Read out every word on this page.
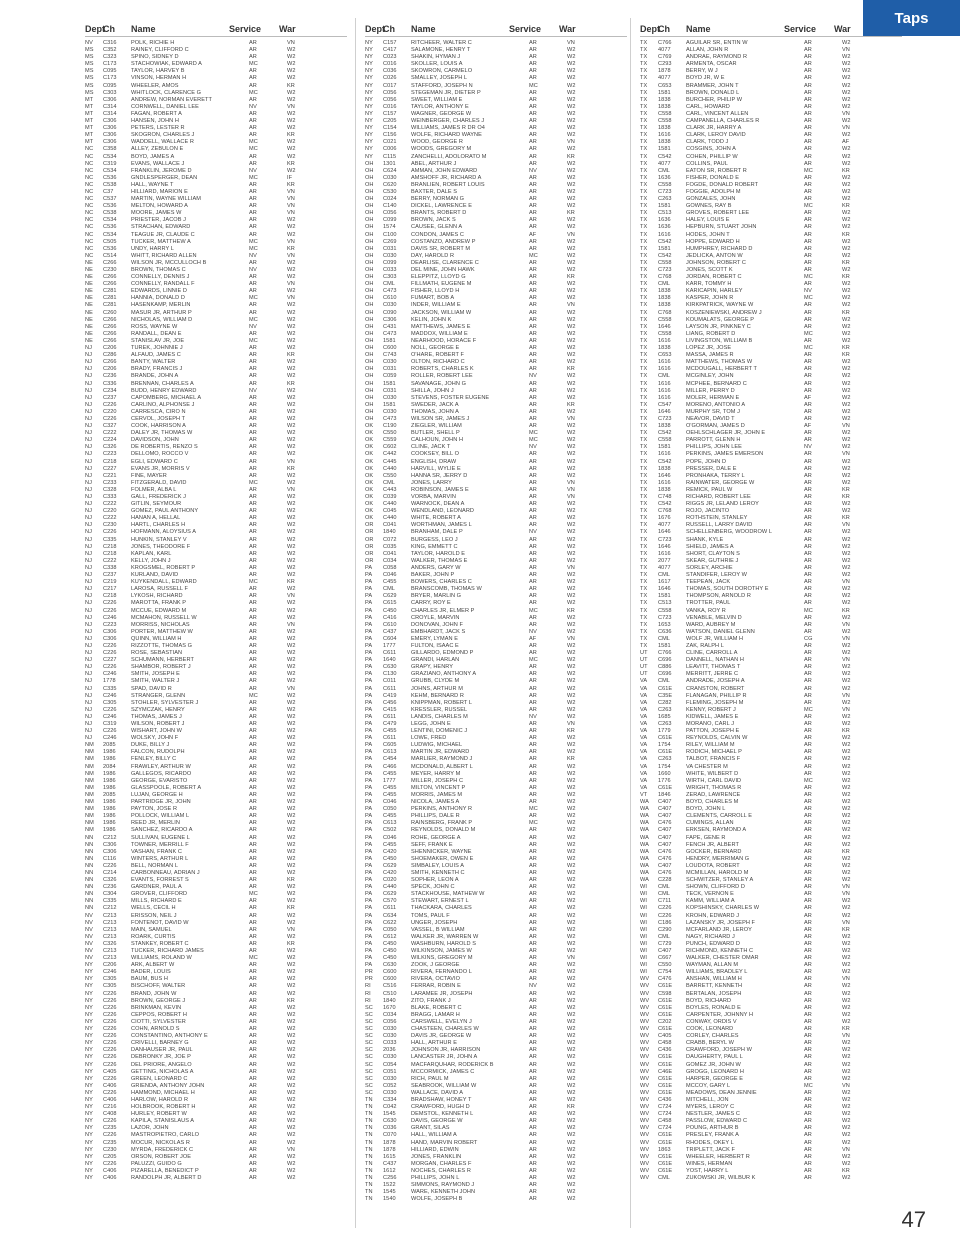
Taps
Dept
Ch	Name	Service	War
NV	C316	POLK, RICHIE H	AR	VN
MS	C352	RAINEY, CLIFFORD C	AR	W2
MS	C323	SPINO, SIDNEY D	AR	W2
MS	C173	STACHOWIAK, EDWARD A	MC	W2
MS	C095	TAYLOR, HARVEY B	AR	W2
MS	C173	VINSON, HERMAN H	AR	W2
MS	C095	WHEELER, AMOS	AR	KR
MS	C303	WHITLOCK, CLARENCE G	MC	W2
MT	C306	ANDREW, NORMAN EVERETT	AR	W2
MT	C314	CORNWELL, DANIEL LEE	NV	VN
MT	C314	FAGAN, ROBERT A	AR	W2
MT	C306	HANSEN, JOHN H	AR	W2
MT	C306	PETERS, LESTER R	AR	W2
MT	C306	SKOGRON, CHARLES J	AR	KR
MT	C306	WADDELL, WALLACE R	MC	W2
NC	C358	ALLEY, ZEBULON E	MC	W2
NC	C534	BOYD, JAMES A	AR	W2
NC	C319	EVANS, WALLACE J	AR	KR
NC	C534	FRANKLIN, JEROME D	NV	W2
NC	C536	GNDLESPERGER, DEAN	MC	IF
NC	C538	HALL, WAYNE T	AR	KR
NC	C37	HILLIARD, MARION E	AR	VN
NC	C537	MARTIN, WAYNE WILLIAM	AR	VN
NC	C536	MELTON, HOWARD A	AR	VN
NC	C538	MOORE, JAMES W	AR	VN
NC	C534	PRIESTER, JACOB J	AR	W2
NC	C536	STRACHAN, EDWARD	AR	W2
NC	C534	TEAGUE JR, CLAUDE C	AR	W2
NC	C505	TUCKER, MATTHEW A	MC	VN
NC	C536	UNDY, HARRY L	MC	KR
NC	C514	WHITT, RICHARD ALLEN	NV	VN
NE	C266	WILSON JR, MCCULLOCH B	AR	W2
NE	C230	BROWN, THOMAS C	NV	W2
NE	C266	CONNELLY, DENNIS J	AR	W2
NE	C266	CONNELLY, RANDALL F	AR	VN
NE	C281	EDWARDS, LINNIE D	AR	W2
NE	C281	HANNIA, DONALD D	MC	VN
NE	C281	HASENKAMP, MERLIN	AR	W2
NE	C260	MASUR JR, ARTHUR P	AR	W2
NE	C266	NICHOLAS, WILLIAM D	MC	W2
NE	C266	ROSS, WAYNE W	NV	W2
NE	C266	RANDALL, DEAN E	AR	W2
NE	C266	STANISLAV JR, JOE	MC	W2
NJ	C206	TUREK, JOHNNIE J	AR	W2
NJ	C286	ALFAUD, JAMES C	AR	KR
NJ	C266	BANTY, WALTER	AR	W2
NJ	C206	BRADY, FRANCIS J	AR	W2
NJ	C236	BRANDE, JOHN A	AR	W2
NJ	C336	BRENNAN, CHARLES A	AR	KR
NJ	C234	BUDD, HENRY EDWARD	NV	W2
NJ	C237	CAPOMBERG, MICHAEL A	AR	W2
NJ	C226	CARLINO, ALPHONSE J	AR	W2
NJ	C220	CARRESCA, CIRO N	AR	W2
NJ	C226	CERVOL, JOSEPH T	AR	W2
NJ	C327	COOK, HARRISON A	AR	W2
NJ	C222	DALEY JR, THOMAS W	AR	W2
NJ	C224	DAVIDSON, JOHN	AR	W2
NJ	C326	DE ROBERTIS, RENZO S	AR	W2
NJ	C223	DELLOMO, ROCCO V	AR	W2
NJ	C218	EGLI, EDWARD C	AR	VN
NJ	C227	EVANS JR, MORRIS V	AR	KR
NJ	C221	FINE, MAYER	AR	W2
NJ	C233	FITZGERALD, DAVID	MC	W2
NJ	C328	FOLMER, ALBA L	AR	VN
NJ	C333	GALL, FREDERICK J	AR	W2
NJ	C222	GITLIN, SEYMOUR	AR	W2
NJ	C220	GOMEZ, PAUL ANTHONY	AR	W2
NJ	C222	HANAN A, HELLAL	AR	W2
NJ	C230	HARTL, CHARLES H	AR	W2
NJ	C226	HOFMANN, ALOYSIUS A	AR	W2
NJ	C335	HUNKIN, STANLEY V	AR	W2
NJ	C218	JONES, THEODORE F	AR	W2
NJ	C218	KAPLAN, KARL	AR	W2
NJ	C222	KELLY, JOHN J	AR	W2
NJ	C338	KROGSMEL, ROBERT P	AR	W2
NJ	C237	KURLAND, DAVID	AR	W2
NJ	C219	KUYKENDALL, EDWARD	MC	KR
NJ	C217	LAROSA, RUSSELL F	AR	W2
NJ	C218	LYKOSH, RICHARD	AR	VN
NJ	C226	MAROTTA, FRANK P	AR	W2
NJ	C226	MCCUE, EDWARD M	AR	W2
NJ	C246	MCMAHON, RUSSELL W	AR	W2
NJ	C223	MORRISS, NICHOLAS	AR	VN
NJ	C306	PORTER, MATTHEW W	AR	W2
NJ	C306	QUINN, WILLIAM H	AR	W2
NJ	C226	RIZZOTTE, THOMAS G	AR	W2
NJ	C226	ROSE, SEBASTIAN	AR	W2
NJ	C227	SCHUMANN, HERBERT	AR	W2
NJ	C226	SHAMBOR, ROBERT J	AR	W2
NJ	C246	SMITH, JOSEPH E	AR	W2
NJ	1778	SMITH, WALTER J	AR	W2
NJ	C335	SPAD, DAVID R	AR	VN
NJ	C246	STRANGER, GLENN	MC	W2
NJ	C305	STOHLER, SYLVESTER J	AR	W2
NJ	C226	SZYMCZAK, HENRY	AR	W2
NJ	C246	THOMAS, JAMES J	AR	W2
NJ	C319	WILSON, ROBERT J	AR	W2
NJ	C226	WISHART, JOHN W	AR	W2
NJ	C246	WOLSKY, JOHN F	AR	W2
NM	2085	DUKE, BILLY J	AR	W2
NM	1986	FALCON, RUDOLPH	AR	W2
NM	1986	FENLEY, BILLY C	AR	W2
NM	2084	FRAWLEY, ARTHUR W	AR	W2
NM	1986	GALLEGOS, RICARDO	AR	W2
NM	1986	GEORGE, EVARISTO	AR	W2
NM	1986	GLASSPOOLE, ROBERT A	AR	W2
NM	2085	LUJAN, GEORGE H	AR	W2
NM	1986	PARTRIDGE JR, JOHN	AR	W2
NM	1986	PAYTON, JOSE R	AR	W2
NM	1986	POLLOCK, WILLIAM L	AR	W2
NM	1986	REED JR, MERLIN	AR	W2
NM	1986	SANCHEZ, RICARDO A	AR	W2
NN	C212	SULLIVAN, EUGENE L	AR	W2
NN	C306	TOWNER, MERRILL F	AR	W2
NN	C306	VASHAN, FRANK C	AR	W2
NN	C116	WINTERS, ARTHUR L	AR	W2
NN	C226	BELL, NORMAN L	AR	W2
NN	C214	CARBONNEAU, ADRIAN J	AR	W2
NN	C326	EVANTS, FORREST S	AR	KR
NN	C236	GARDNER, PAUL A	AR	W2
NN	C304	GROVER, CLIFFORD	MC	W2
NN	C335	MILLS, RICHARD E	AR	W2
NN	C212	WELLS, CECIL H	AR	KR
NV	C213	ERISSON, NEIL J	AR	W2
NV	C213	FONTENOT, DAVID W	AR	W2
NV	C213	MAIN, SAMUEL	AR	VN
NV	C213	ROARK, CURTIS	AR	W2
NV	C326	STANKEY, ROBERT C	AR	KR
NV	C213	TUCKER, RICHARD JAMES	AR	W2
NV	C213	WILLIAMS, ROLAND W	MC	W2
NY	C206	ARK, ALBERT W	AR	W2
NY	C246	BADER, LOUIS	AR	W2
NY	C305	BAUM, BUS H	AR	W2
NY	C305	BISCHOFF, WALTER	AR	W2
NY	C226	BRAND, JOHN W	AR	W2
NY	C226	BROWN, GEORGE J	AR	KR
NY	C226	BRINKMAN, KEVIN	AR	W2
NY	C226	CEPPOS, ROBERT H	AR	W2
NY	C226	CIOTTI, SYLVESTER	AR	W2
NY	C226	COHN, ARNOLD S	AR	W2
NY	C226	CONSTANTINO, ANTHONY E	AR	W2
NY	C226	CRIVELLI, BARNEY G	AR	W2
NY	C226	DANHAUSER JR, PAUL	AR	W2
NY	C226	DEBRONKY JR, JOE P	AR	W2
NY	C226	DEL PRIORE, ANGELO	AR	W2
NY	C405	GETTING, NICHOLAS A	AR	W2
NY	C226	GREEN, LEONARD C	AR	W2
NY	C406	GRIENDA, ANTHONY JOHN	AR	W2
NY	C226	HAMMOND, MICHAEL H	AR	W2
NY	C406	HARLOW, HAROLD R	AR	W2
NY	C216	HOLBROOK, ROBERT H	AR	W2
NY	C408	HURLEY, ROBERT W	AR	W2
NY	C226	KAPILA, STANISLAUS A	AR	W2
NY	C235	LAZOR, JOHN	AR	W2
NY	C226	MASTROPIETRO, CARLO	AR	W2
NY	C235	MOCUR, NICKOLAS R	AR	W2
NY	C230	MYRDA, FREDERICK C	AR	VN
NY	C205	ORSON, ROBERT JOE	AR	W2
NY	C226	PALUZZI, GUIDO G	AR	W2
NY	C406	PIZARELLA, BENEDICT P	AR	W2
NY	C406	RANDOLPH JR, ALBERT D	AR	W2
Dept
Ch	Name	Service	War
NY	C157	RITCHEER, WALTER C	AR	VN
NY	C417	SALAMONE, HENRY T	AR	W2
NY	C023	SHAKIN, HYMAN J	AR	W2
NY	C016	SKOLLER, LOUIS A	AR	W2
NY	C036	SKOWRON, CARMELO	AR	W2
NY	C026	SMALLEY, JOSEPH L	AR	W2
NY	C017	STAFFORD, JOSEPH N	MC	W2
NY	C056	STEGEMAN JR, DIETER P	AR	W2
NY	C056	SWEET, WILLIAM E	AR	W2
NY	C016	TAYLOR, ANTHONY E	AR	W2
NY	C157	WAGNER, GEORGE W	AR	W2
NY	C205	WEINBERGER, CHARLES J	AR	W2
NY	C154	WILLIAMS, JAMES R DR O4	AR	W2
NY	C156	WOLFE, RICHARD WAYNE	AR	W2
NY	C021	WOOD, GEORGE R	AR	VN
NY	C006	WOODS, GREGORY M	AR	W2
NY	C115	ZANCHELLI, ADOLORATO M	AR	KR
OH	1301	ABEL, ARTHUR J	AR	W2
OH	C624	AMMAN, JOHN EDWARD	NV	W2
OH	C030	AMSHOFF JR, RICHARD A	AR	W2
OH	C620	BRANLIEN, ROBERT LOUIS	AR	W2
OH	C530	BAXTER, DALE S	AR	W2
OH	C024	BERRY, NORMAN G	AR	W2
OH	C140	DICKEL, LAWRENCE E	AR	W2
OH	C056	BRANTS, ROBERT D	AR	KR
OH	C099	BROWN, JACK S	AR	W2
OH	1574	CAUSEE, GLENN A	AR	W2
OH	C100	CONDON, JAMES C	AF	VN
OH	C269	COSTANZO, ANDREW P	AR	W2
OH	C031	DAVIS SR, ROBERT M	AR	W2
OH	C030	DAY, HAROLD R	MC	W2
OH	C099	DEARLISE, CLARENCE C	AR	W2
OH	C033	DEL MINE, JOHN HAWK	AR	W2
OH	C303	ELEPPITZ, LLOYD G	AR	KR
OH	CML	FILLMATH, EUGENE M	AR	W2
OH	C473	FISHER, LLOYD H	AR	W2
OH	C610	FUMART, BOB A	AR	W2
OH	C030	INDER, WILLIAM E	AR	VN
OH	C090	JACKSON, WILLIAM W	AR	W2
OH	C306	KELIN, JOHN K	AR	W2
OH	C431	MATTHEWS, JAMES E	AR	W2
OH	C473	MADDOX, WILLIAM E	AR	W2
OH	1581	NEARHOOD, HORACE F	AR	W2
OH	C600	NOLL, GEORGE E	AR	W2
OH	C743	O'HARE, ROBERT F	AR	W2
OH	C030	OLTON, RICHARD C	AR	W2
OH	C031	ROBERTS, CHARLES K	AR	KR
OH	C059	ROLLER, ROBERT LEE	NV	W2
OH	1581	SAVANAGE, JOHN G	AR	W2
OH	C031	SHILLA, JOHN J	AR	W2
OH	C030	STEVENS, FOSTER EUGENE	AR	W2
OH	1581	SWEDER, JACK A	AR	KR
OH	C030	THOMAS, JOHN A	AR	W2
OH	C473	WILSON SR, JAMES J	AR	VN
OK	C190	ZIEGLER, WILLIAM	AR	W2
OK	C550	BUTLER, SHELL P	MC	W2
OK	C559	CALHOUN, JOHN H	MC	W2
OK	C602	CLINE, JACK T	NV	W2
OK	C442	COOKSEY, BILL O	AR	W2
OK	C445	ENGLISH, DRAW	AR	W2
OK	C440	HARVILL, WYLIE E	AR	W2
OK	C550	HANNA SR, JERRY D	AR	W2
OK	CML	JONES, LARRY	AR	VN
OK	C443	ROBINSON, JAMES E	AR	VN
OK	C039	VORBA, MARVIN	AR	VN
OK	C440	WARNOCK, DEAN A	AR	W2
OK	C045	WENDLAND, LEONARD	AR	W2
OK	C440	WHITE, ROBERT A	AR	W2
OR	C041	WORTHMAN, JAMES L	AR	W2
OR	1840	BRANHAM, DALE P	NV	W2
OR	C072	BURGESS, LEO J	AR	W2
OR	C035	KING, EMMETT C	AR	W2
OR	C041	TAYLOR, HAROLD E	AR	W2
OR	C034	WALKER, THOMAS E	AR	W2
PA	C058	ANDERS, GARY W	AR	VN
PA	C046	BAKER, JOHN P	AR	W2
PA	C455	BOWERS, CHARLES C	AR	W2
PA	CML	BRANSCOMB, THOMAS W	AR	W2
PA	C629	BRYER, MARLIN G	AR	W2
PA	C615	CARRY, ROY E	AR	W2
PA	C450	CHARLES JR, ELMER P	MC	KR
PA	C416	CROYLE, MARVIN	AR	W2
PA	C610	DONOVAN, JOHN F	AR	W2
PA	C437	EMBHARDT, JACK S	NV	W2
PA	C604	EMERY, LYMAN E	AF	VN
PA	1777	FULTON, ISAAC E	AR	W2
PA	C611	GILLARDO, EDMOND P	AR	W2
PA	1640	GRANDI, HARLAN	MC	W2
PA	C630	GRAPY, HENRY	AR	W2
PA	C130	GRAZIANO, ANTHONY A	AR	W2
PA	C011	GRUBB, CLYDE M	AR	W2
PA	C611	JOHNS, ARTHUR M	AR	W2
PA	C419	KEHM, BERNARD R	AR	W2
PA	C456	KNIPPMAN, ROBERT L	AR	W2
PA	C415	KRESSLER, RUSSEL	AR	W2
PA	C611	LANDIS, CHARLES M	NV	W2
PA	C479	LEGG, JOHN E	AR	VN
PA	C455	LENTINI, DOMENIC J	AR	KR
PA	C611	LOWE, FRED	AR	W2
PA	C605	LUDWIG, MICHAEL	AR	W2
PA	C613	MARTIN JR, EDWARD	AR	W2
PA	C454	MARLIER, RAYMOND J	AR	KR
PA	C466	MCDONALD, ALBERT L	AR	W2
PA	C455	MEYER, HARRY M	AR	W2
PA	1777	MILLER, JOSEPH C	AR	W2
PA	C455	MILTON, VINCENT P	AR	W2
PA	C455	MORRIS, JAMES M	AR	W2
PA	C046	NICOLA, JAMES A	AR	W2
PA	C050	PERKINS, ANTHONY R	MC	W2
PA	C455	PHILLIPS, DALE R	AR	W2
PA	C613	RAINSBERG, FRANK P	MC	W2
PA	C502	REYNOLDS, DONALD M	AR	W2
PA	C046	ROHE, GEORGE A	AR	W2
PA	C455	SEFF, FRANK E	AR	W2
PA	C420	SHENNICKER, WAYNE	AR	W2
PA	C450	SHOEMAKER, OWEN E	AR	W2
PA	C629	SIMBALEY, LOUIS A	AR	W2
PA	C420	SMITH, KENNETH C	AR	W2
PA	C020	SOPHER, LEON A	AR	W2
PA	C440	SPECK, JOHN C	AR	W2
PA	C629	STACKHOUSE, MATHEW W	AR	W2
PA	C570	STEWART, ERNEST L	AR	W2
PA	C611	THACKARA, CHARLES	AR	W2
PA	C634	TOMS, PAUL F	AR	W2
PA	C622	UNGER, JOSEPH	AR	W2
PA	C050	VASSEL, B WILLIAM	AR	W2
PA	C612	WALKER JR, WARREN W	AR	W2
PA	C450	WASHBURN, HAROLD S	AR	W2
PA	C450	WILKINSON, JAMES W	AR	W2
PA	C450	WILKINS, GREGORY M	AR	VN
PA	C630	ZOOK, J GEORGE	AR	W2
PR	C600	RIVERA, FERNANDO L	AR	W2
PR	C600	RIVERA, OCTAVIO	AR	W2
RI	C516	FERRAR, ROBIN E	NV	W2
RI	C510	LARAMEE JR, JOSEPH	AR	W2
RI	1840	ZITO, FRANK J	AR	W2
SC	1670	BLAKE, ROBERT C	AR	W2
SC	C034	BRAGG, LAMAR H	AR	W2
SC	C056	CARSWELL, EVELYN J	AR	W2
SC	C030	CHASTEEN, CHARLES W	AR	W2
SC	C030	DAVIS JR, GEORGE W	AR	W2
SC	C033	HALL, ARTHUR E	AR	W2
SC	2036	JOHNSON JR, HARRISON	AR	W2
SC	C030	LANCASTER JR, JOHN A	AR	W2
SC	C054	MACFARQUHAR, RODERICK B	AR	W2
SC	C051	MCCORMICK, JAMES C	AR	W2
SC	C030	RICH, PAUL M	AR	W2
SC	C052	SEABROOK, WILLIAM W	AR	W2
SC	C030	WALLACE, DAVID A	AR	W2
TN	C334	BRADSHAW, HONEY T	AR	W2
TN	C042	CRAWFORD, HUGH D	AR	KR
TN	1545	DEMSTOL, KENNETH L	AR	W2
TN	C630	DAVIS, GEORGE W	AR	W2
TN	C036	GRANT, SILAS	AR	W2
TN	C070	HALL, WILLIAM A	AR	W2
TN	1878	HAND, MARVIN ROBERT	AR	W2
TN	1878	HILLIARD, EDWIN	AR	W2
TN	1615	JONES, FRANKLIN	AR	W2
TN	C437	MORGAN, CHARLES F	AR	W2
TN	1612	NOCHES, CHARLES R	AR	W2
TN	C256	PHILLIPS, JOHN L	AR	W2
TN	1522	SIMMONS, RAYMOND J	AR	W2
TN	1545	WARE, KENNETH JOHN	AR	W2
TN	1540	WOLFE, JOSEPH B	AR	W2
Dept
Ch	Name	Service	War
TX	C766	AGUILAR SR, ENTIN W	AR	W2
TX	4077	ALLAN, JOHN R	AR	VN
TX	C769	ANDRAE, RAYMOND R	AR	W2
TX	C293	ARMENTA, OSCAR	AR	W2
TX	1878	BERRY, W J	AR	W2
TX	4077	BOYD JR, W E	AR	W2
TX	C653	BRAMMER, JOHN T	AR	W2
TX	1581	BROWN, DONALD L	AR	W2
TX	1838	BURCHER, PHILIP W	AR	W2
TX	1838	CARL, HOWARD	AR	W2
TX	C558	CARL, VINCENT ALLEN	AR	VN
TX	C558	CAMPANELLA, CHARLES R	AR	W2
TX	1838	CLARK JR, HARRY A	AR	VN
TX	1616	CLARK, LEROY DAVID	AR	W2
TX	1838	CLARK, TODD J	AR	AF
TX	1581	COSGINS, JOHN A	AR	W2
TX	C542	COHEN, PHILLIP W	AR	W2
TX	4077	COLLINS, PAUL	AR	W2
TX	CML	EATON SR, ROBERT R	MC	KR
TX	1636	FISHER, DONALD E	AR	W2
TX	C558	FOGDE, DONALD ROBERT	AR	W2
TX	C723	FOGGIE, ADOLPH M	AR	W2
TX	C263	GONZALES, JOHN	AR	W2
TX	1581	GOWNES, RAY B	MC	KR
TX	C513	GROVES, ROBERT LEE	AR	W2
TX	1636	HALEY, LOUIS E	AR	W2
TX	1636	HEPBURN, STUART JOHN	AR	W2
TX	1616	HODES, JOHN T	AR	KR
TX	C542	HOPPE, EDWARD H	AR	W2
TX	1581	HUMPHREY, RICHARD D	AR	W2
TX	C542	JEDLICKA, ANTON W	AR	W2
TX	C558	JOHNSON, ROBERT C	AR	KR
TX	C723	JONES, SCOTT K	AR	W2
TX	C768	JORDAN, ROBERT C	MC	KR
TX	CML	KARR, TOMMY H	AR	W2
TX	1838	KARICAPIN, HARLEY	NV	W2
TX	1838	KASPER, JOHN R	MC	W2
TX	1838	KIRKPATRICK, WAYNE W	AR	W2
TX	C768	KOSZENIEWSKI, ANDREW J	AR	KR
TX	C558	KOUMALATS, GEORGE P	AR	W2
TX	1646	LAYSON JR, PINKNEY C	AR	W2
TX	C558	LIANG, ROBERT D	MC	W2
TX	1616	LIVINGSTON, WILLIAM B	AR	W2
TX	1838	LOPEZ JR, JOSE	MC	KR
TX	C653	MASSA, JAMES R	AR	KR
TX	1616	MATTHEWS, THOMAS W	AR	W2
TX	1616	MCDOUGALL, HERBERT T	AR	W2
TX	CML	MCGINLEY, JOHN	AR	W2
TX	1616	MCPHEE, BERNARD C	AR	W2
TX	1616	MILLER, PERRY D	AR	W2
TX	1616	MOLER, HERMAN E	AF	W2
TX	C547	MORENO, ANTONIO A	AR	W2
TX	1646	MURPHY SR, TOM J	AR	W2
TX	C723	NEAVOR, DAVID T	AR	W2
TX	1838	O'GORMAN, JAMES D	AF	VN
TX	C542	OEHLSCHLAGER JR, JOHN E	AR	W2
TX	C558	PARROTT, GLENN H	AR	W2
TX	1581	PHILLIPS, JOHN LEE	NV	W2
TX	1616	PERKINS, JAMES EMERSON	AR	VN
TX	C542	POPE, JOHN D	AR	W2
TX	1838	PRESSER, DALE E	AR	W2
TX	1646	PRONHAKA, TERRY L	AR	W2
TX	1616	RAINWATER, GEORGE W	AR	W2
TX	1838	REMICK, PAUL W	AR	KR
TX	C748	RICHARD, ROBERT LEE	AR	KR
TX	C542	RIGGS JR, LELAND LEROY	AR	W2
TX	C768	ROJO, JACINTO	AR	W2
TX	1676	ROTHSTEIN, STANLEY	AR	KR
TX	4077	RUSSELL, LARRY DAVID	AR	VN
TX	1646	SCHELLENBERG, WOODROW L	AR	W2
TX	C723	SHANK, KYLE	AR	W2
TX	1646	SHIELD, JAMES A	AR	W2
TX	1616	SHORT, CLAYTON S	AR	W2
TX	2077	SKEAR, GUTHRIE J	AR	W2
TX	4077	SORLEY, ARCHIE	AR	W2
TX	CML	STANDIFER, LEROY W	AR	W2
TX	1617	TEEPEAN, JACK	AR	VN
TX	1646	THOMAS, SOUTH DOROTHY E	AR	W2
TX	1581	THOMPSON, ARNOLD R	AR	W2
TX	C513	TROTTER, PAUL	AR	W2
TX	C558	VANKA, ROY R	MC	KR
TX	C723	VENABLE, MELVIN D	AR	W2
TX	1653	WARD, AUBREY M	AR	VN
TX	C636	WATSON, DANIEL GLENN	AR	W2
TX	CML	WOLF JR, WILLIAM H	CG	VN
TX	1581	ZAK, RALPH L	AR	W2
UT	C766	CLINE, CARROLL A	AR	W2
UT	C696	DANNELL, NATHAN H	AR	VN
UT	C886	LEAVITT, THOMAS T	AR	W2
UT	C696	MERRITT, JERRE C	AR	W2
VA	CML	ANDRADE, JOSEPH A	AR	W2
VA	C61E	CRANSTON, ROBERT	AR	W2
VA	C35E	FLANAGAN, PHILLIP R	AR	VN
VA	C282	FLEMING, JOSEPH M	AR	W2
VA	C263	KENNY, ROBERT J	MC	VN
VA	1685	KIDWELL, JAMES E	AR	W2
VA	C263	MORANO, CARL J	AR	W2
VA	1779	PATTON, JOSEPH E	AR	KR
VA	C61E	REYNOLDS, CALVIN W	AR	W2
VA	1754	RILEY, WILLIAM M	AR	W2
VA	C61E	RODICH, MICHAEL P	AR	W2
VA	C263	TALBOT, FRANCIS F	AR	W2
VA	1754	VA CHESTER M	AR	W2
VA	1660	WHITE, WILBERT D	AR	W2
VA	1776	WIRTH, CARL DAVID	MC	W2
VA	C61E	WRIGHT, THOMAS R	AR	W2
VT	1846	ZERAD, LAWRENCE	AR	W2
WA	C407	BOYD, CHARLES M	AR	W2
WA	C407	BOYD, JOHN L	AR	W2
WA	C407	CLEMENTS, CARROLL E	AR	W2
WA	C476	CUMINGS, ALLAN	AR	W2
WA	C407	ERKSEN, RAYMOND A	AR	W2
WA	C407	FAPE, GENE R	AR	W2
WA	C407	FENCH JR, ALBERT	AR	W2
WA	C476	GOCKER, BERNARD	AR	KR
WA	C476	HENDRY, MERRIMAN G	AR	W2
WA	C407	LOUDOTA, ROBERT	AR	W2
WA	C476	MCMILLAN, HAROLD M	AR	W2
WA	C228	SCHWITZER, STANLEY A	AR	W2
WI	CML	SHOWN, CLIFFORD D	AR	VN
WI	CML	TECK, VERNON E	AR	VN
WI	C711	KAMM, WILLIAM A	AR	W2
WI	C226	KOPSHINSKY, CHARLES W	AR	W2
WI	C226	KROHN, EDWARD J	AR	W2
WI	C186	LAZANSKY JR, JOSEPH F	AR	VN
WI	C290	MCFARLAND JR, LEROY	AR	KR
WI	CML	NAGY, RICHARD J	AR	W2
WI	C729	PUNCH, EDWARD D	AR	W2
WI	C407	RICHMOND, KENNETH C	AR	W2
WI	C667	WALKER, CHESTER OMAR	AR	W2
WI	C550	WAYMAN, ALLAN M	AR	W2
WI	C754	WILLIAMS, BRADLEY L	AR	W2
WV	C476	ANSHAN, WILLIAM H	AR	VN
WV	C61E	BARRETT, KENNETH	AR	W2
WV	C598	BERTALAN, JOSEPH	AR	W2
WV	C61E	BOYD, RICHARD	AR	W2
WV	C61E	BOYLES, RONALD E	AR	W2
WV	C61E	CARPENTER, JOHNNY H	AR	W2
WV	C202	CONWAY, ORDIS V	AR	W2
WV	C61E	COOK, LEONARD	AR	KR
WV	C405	CORLEY, CHARLES	AR	VN
WV	C458	CRABB, BERYL W	AR	W2
WV	C436	CRAWFORD, JOSEPH W	AR	W2
WV	C61E	DAUGHERTY, PAUL L	AR	W2
WV	C61E	GOMEZ JR, JOHN W	AR	W2
WV	C46E	GROGG, LEONARD H	AR	W2
WV	C61E	HARPER, GEORGE E	AR	W2
WV	C61E	MCCOY, GARY L	MC	VN
WV	C61E	MEADOWS, DEAN JENNIE	AR	W2
WV	C436	MITCHELL, JON	AR	W2
WV	C724	MYERS, LEROY C	AR	W2
WV	C724	NESTLER, JAMES C	AR	W2
WV	C458	PASSLOW, EDWARD C	AR	W2
WV	C724	POUNG, ARTHUR B	AR	W2
WV	C61E	PRESLEY, FRANK A	AR	W2
WV	C61E	RHODES, OKEY L	AR	W2
WV	1863	TRIPLETT, JACK F	AR	VN
WV	C61E	WHEELER, HERBERT R	AR	W2
WV	C61E	WINES, HERMAN	AR	W2
WV	C61E	YOST, HARRY L	AR	KR
WV	CML	ZUKOWSKI JR, WILBUR K	AR	W2
47
